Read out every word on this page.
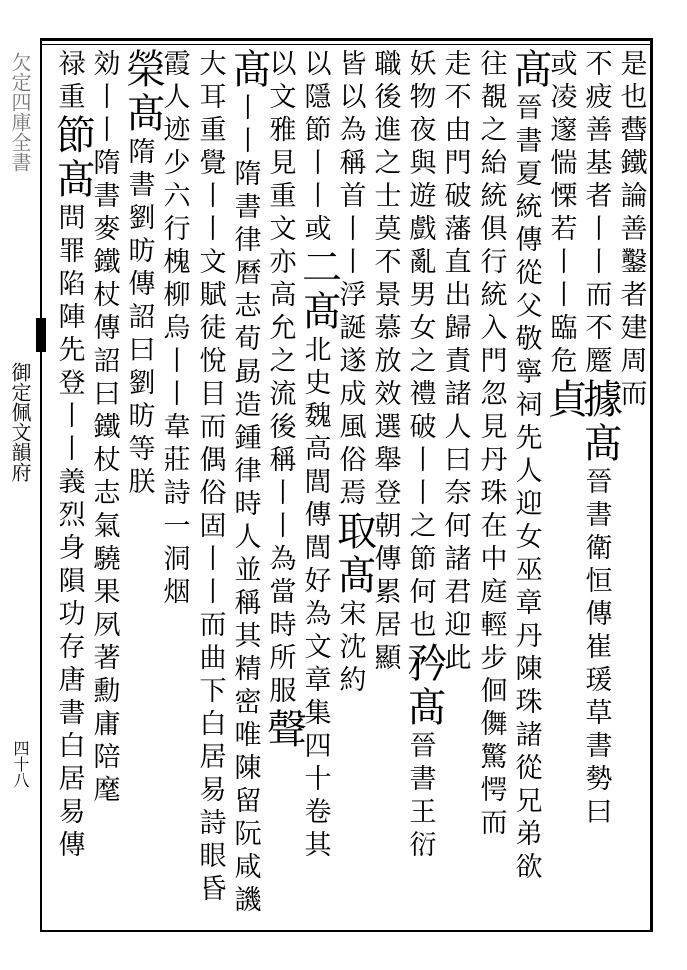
欠定四庫全書
御定佩文韻府
四十八
是
也
㬫
鐵
論
善
鑿
者
建
周
而
不
疲
善
基
者
丨
丨
而
不
蹷
據
髙
晉
書
衛
恒
傳
崔
瑗
草
書
勢
曰
或
凌
邃
惴
慄
若
丨
丨
臨
危
貞
髙
晉
書
夏
統
傳
從
父
敬
寧
祠
先
人
迎
女
巫
章
丹
陳
珠
諸
從
兄
弟
欲
往
覩
之
紿
統
俱
行
統
入
門
忽
見
丹
珠
在
中
庭
輕
步
佪
儛
驚
愕
而
走
不
由
門
破
藩
直
出
歸
責
諸
人
曰
奈
何
諸
君
迎
此
妖
物
夜
與
遊
戲
亂
男
女
之
禮
破
丨
丨
之
節
何
也
矜
髙
晉
書
王
衍
職
後
進
之
士
莫
不
景
慕
放
效
選
舉
登
朝
傳
累
居
顯
皆
以
為
稱
首
丨
丨
浮
誕
遂
成
風
俗
焉
取
髙
宋
沈
約
以
隱
節
丨
丨
或
二
髙
北
史
魏
高
閭
傳
閭
好
為
文
章
集
四
十
卷
其
以
文
雅
見
重
文
亦
高
允
之
流
後
稱
丨
丨
為
當
時
所
服
聲
髙
丨
丨
隋
書
律
曆
志
荀
勗
造
鍾
律
時
人
並
稱
其
精
密
唯
陳
留
阮
咸
譏
大
耳
重
覺
丨
丨
文
賦
徒
悅
目
而
偶
俗
固
丨
丨
而
曲
下
白
居
易
詩
眼
昏
霞
人
迹
少
六
行
槐
柳
烏
丨
丨
韋
莊
詩
一
洞
烟
榮
髙
隋
書
劉
昉
傳
詔
曰
劉
昉
等
朕
効
丨
丨
隋
書
麥
鐵
杖
傳
詔
曰
鐵
杖
志
氣
驍
果
夙
著
勳
庸
陪
麾
禄
重
節
髙
問
罪
陷
陣
先
登
丨
丨
義
烈
身
隕
功
存
唐
書
白
居
易
傳
